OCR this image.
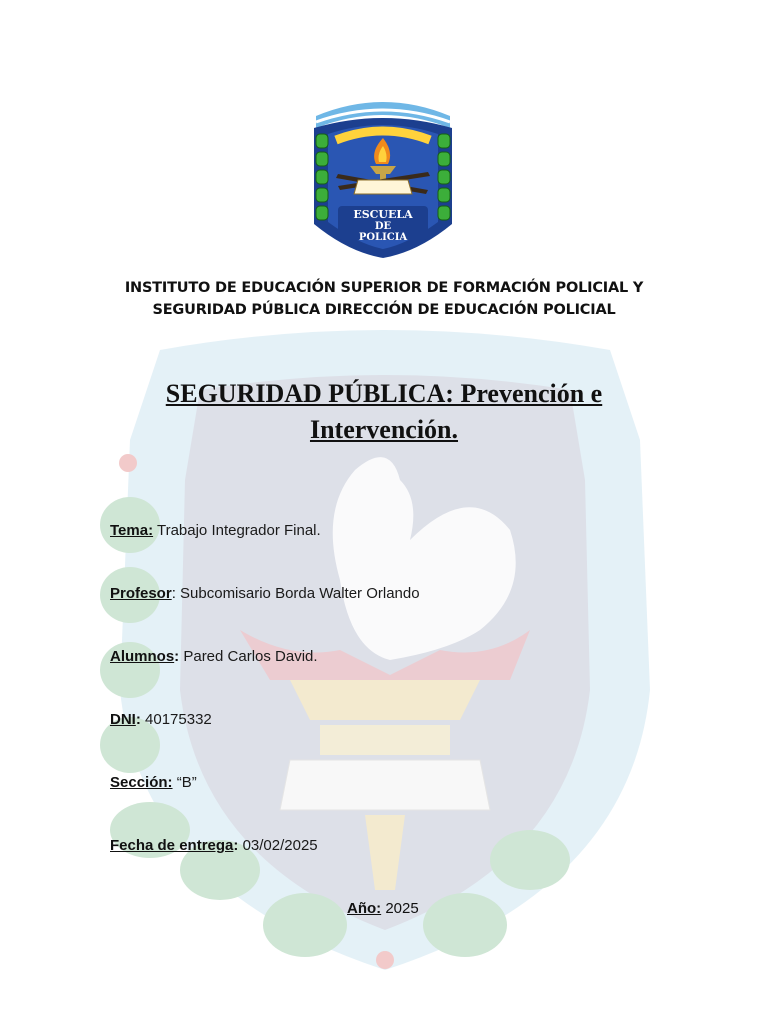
ESCUELA
DE
POLICIA
INSTITUTO DE EDUCACIÓN SUPERIOR DE FORMACIÓN POLICIAL Y
SEGURIDAD PÚBLICA DIRECCIÓN DE EDUCACIÓN POLICIAL
SEGURIDAD PÚBLICA: Prevención e
Intervención.
Tema: Trabajo Integrador Final.
Profesor: Subcomisario Borda Walter Orlando
Alumnos: Pared Carlos David.
DNI: 40175332
Sección: “B”
Fecha de entrega: 03/02/2025
Año: 2025
